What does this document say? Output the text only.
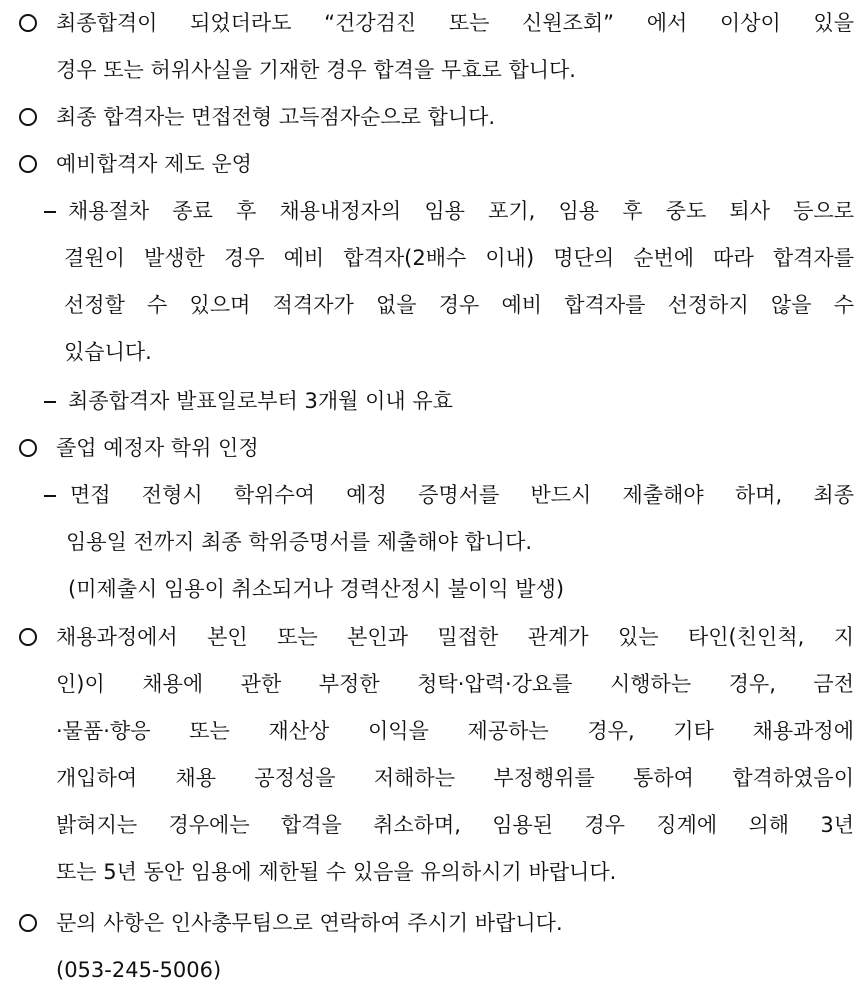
최종합격이 되었더라도 “건강검진 또는 신원조회” 에서 이상이 있을
경우 또는 허위사실을 기재한 경우 합격을 무효로 합니다.
최종 합격자는 면접전형 고득점자순으로 합니다.
예비합격자 제도 운영
채용절차 종료 후 채용내정자의 임용 포기, 임용 후 중도 퇴사 등으로
결원이 발생한 경우 예비 합격자(2배수 이내) 명단의 순번에 따라 합격자를
선정할 수 있으며 적격자가 없을 경우 예비 합격자를 선정하지 않을 수
있습니다.
최종합격자 발표일로부터 3개월 이내 유효
졸업 예정자 학위 인정
면접 전형시 학위수여 예정 증명서를 반드시 제출해야 하며, 최종
임용일 전까지 최종 학위증명서를 제출해야 합니다.
(미제출시 임용이 취소되거나 경력산정시 불이익 발생)
채용과정에서 본인 또는 본인과 밀접한 관계가 있는 타인(친인척, 지
인)이 채용에 관한 부정한 청탁·압력·강요를 시행하는 경우, 금전
·물품·향응 또는 재산상 이익을 제공하는 경우, 기타 채용과정에
개입하여 채용 공정성을 저해하는 부정행위를 통하여 합격하였음이
밝혀지는 경우에는 합격을 취소하며, 임용된 경우 징계에 의해 3년
또는 5년 동안 임용에 제한될 수 있음을 유의하시기 바랍니다.
문의 사항은 인사총무팀으로 연락하여 주시기 바랍니다.
(053-245-5006)
